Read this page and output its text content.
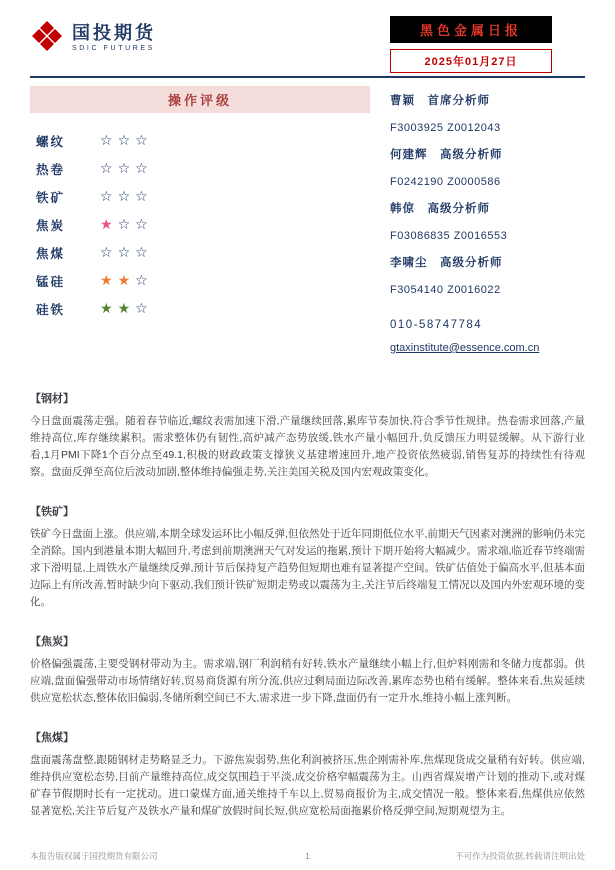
国投期货
SDIC FUTURES
黑色金属日报
2025年01月27日
操作评级
螺纹	☆ ☆ ☆
热卷	☆ ☆ ☆
铁矿	☆ ☆ ☆
焦炭	★ ☆ ☆
焦煤	☆ ☆ ☆
锰硅	★ ★ ☆
硅铁	★ ★ ☆
曹颖　首席分析师
F3003925 Z0012043
何建辉　高级分析师
F0242190 Z0000586
韩倞　高级分析师
F03086835 Z0016553
李啸尘　高级分析师
F3054140 Z0016022
010-58747784
gtaxinstitute@essence.com.cn
【钢材】
今日盘面震荡走强。随着春节临近,螺纹表需加速下滑,产量继续回落,累库节奏加快,符合季节性规律。热卷需求回落,产量维持高位,库存继续累积。需求整体仍有韧性,高炉减产态势放缓,铁水产量小幅回升,负反馈压力明显缓解。从下游行业看,1月PMI下降1个百分点至49.1,积极的财政政策支撑狭义基建增速回升,地产投资依然疲弱,销售复苏的持续性有待观察。盘面反弹至高位后波动加剧,整体维持偏强走势,关注美国关税及国内宏观政策变化。
【铁矿】
铁矿今日盘面上涨。供应端,本期全球发运环比小幅反弹,但依然处于近年同期低位水平,前期天气因素对澳洲的影响仍未完全消除。国内到港量本期大幅回升,考虑到前期澳洲天气对发运的拖累,预计下期开始将大幅减少。需求端,临近春节终端需求下滑明显,上周铁水产量继续反弹,预计节后保持复产趋势但短期也难有显著提产空间。铁矿估值处于偏高水平,但基本面边际上有所改善,暂时缺少向下驱动,我们预计铁矿短期走势或以震荡为主,关注节后终端复工情况以及国内外宏观环境的变化。
【焦炭】
价格偏强震荡,主要受钢材带动为主。需求端,钢厂利润稍有好转,铁水产量继续小幅上行,但炉料刚需和冬储力度都弱。供应端,盘面偏强带动市场情绪好转,贸易商货源有所分流,供应过剩局面边际改善,累库态势也稍有缓解。整体来看,焦炭延续供应宽松状态,整体依旧偏弱,冬储所剩空间已不大,需求进一步下降,盘面仍有一定升水,维持小幅上涨判断。
【焦煤】
盘面震荡盘整,跟随钢材走势略显乏力。下游焦炭弱势,焦化利润被挤压,焦企刚需补库,焦煤现货成交量稍有好转。供应端,维持供应宽松态势,目前产量维持高位,成交氛围趋于平淡,成交价格窄幅震荡为主。山西省煤炭增产计划的推动下,或对煤矿春节假期时长有一定扰动。进口蒙煤方面,通关维持千车以上,贸易商报价为主,成交情况一般。整体来看,焦煤供应依然显著宽松,关注节后复产及铁水产量和煤矿放假时间长短,供应宽松局面拖累价格反弹空间,短期观望为主。
本报告版权属于国投期货有限公司	1	不可作为投资依据,转载请注明出处
